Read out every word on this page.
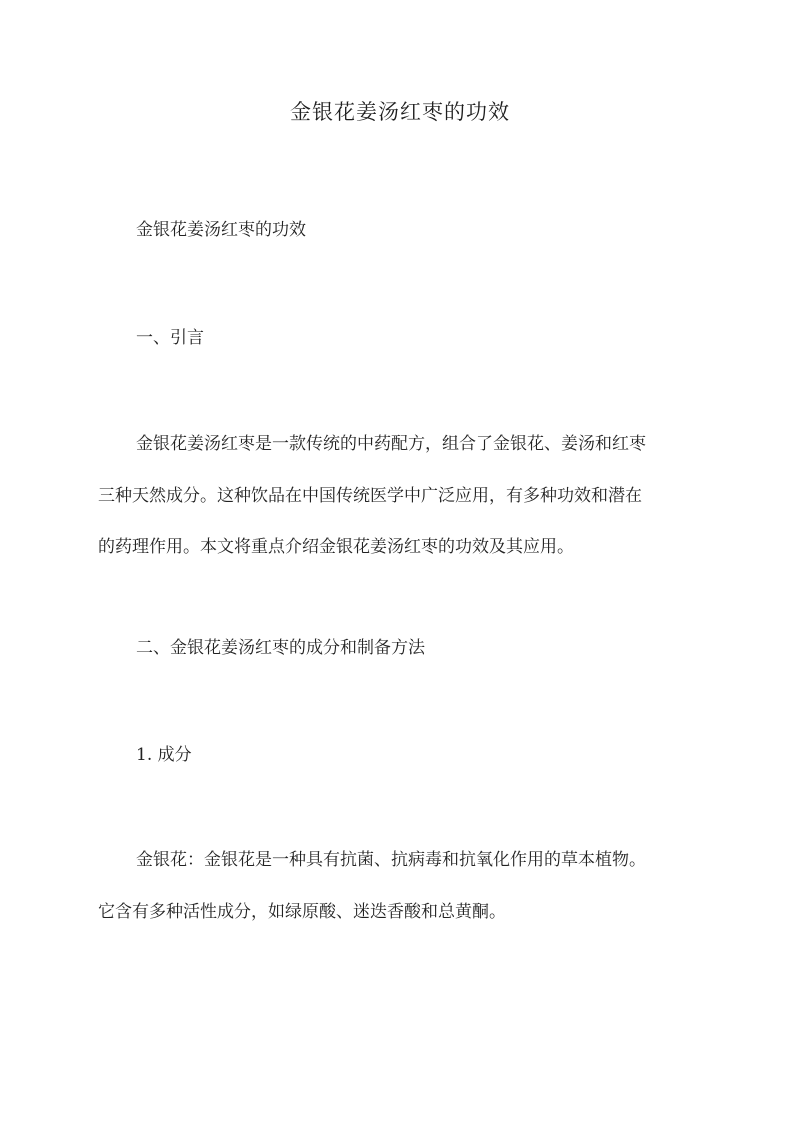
金银花姜汤红枣的功效
金银花姜汤红枣的功效
一、引言
金银花姜汤红枣是一款传统的中药配方，组合了金银花、姜汤和红枣
三种天然成分。这种饮品在中国传统医学中广泛应用，有多种功效和潜在
的药理作用。本文将重点介绍金银花姜汤红枣的功效及其应用。
二、金银花姜汤红枣的成分和制备方法
1. 成分
金银花：金银花是一种具有抗菌、抗病毒和抗氧化作用的草本植物。
它含有多种活性成分，如绿原酸、迷迭香酸和总黄酮。
